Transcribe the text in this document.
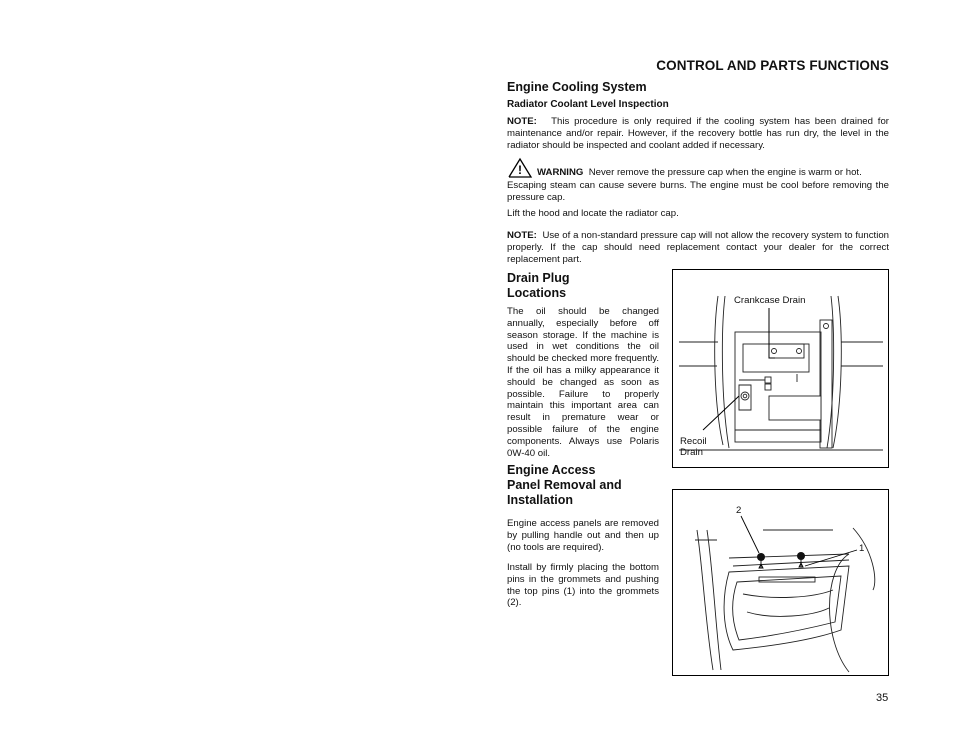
CONTROL AND PARTS FUNCTIONS
Engine Cooling System
Radiator Coolant Level Inspection
NOTE: This procedure is only required if the cooling system has been drained for maintenance and/or repair. However, if the recovery bottle has run dry, the level in the radiator should be inspected and coolant added if necessary.
! WARNING Never remove the pressure cap when the engine is warm or hot.
Escaping steam can cause severe burns. The engine must be cool before removing the pressure cap.
Lift the hood and locate the radiator cap.
NOTE: Use of a non-standard pressure cap will not allow the recovery system to function properly. If the cap should need replacement contact your dealer for the correct replacement part.
Drain Plug
Locations
The oil should be changed annually, especially before off season storage. If the machine is used in wet conditions the oil should be checked more frequently. If the oil has a milky appearance it should be changed as soon as possible. Failure to properly maintain this important area can result in premature wear or possible failure of the engine components. Always use Polaris 0W-40 oil.
Crankcase Drain
Recoil
Drain
Engine Access
Panel Removal and
Installation
Engine access panels are removed by pulling handle out and then up (no tools are required).
Install by firmly placing the bottom pins in the grommets and pushing the top pins (1) into the grommets (2).
2
1
35
